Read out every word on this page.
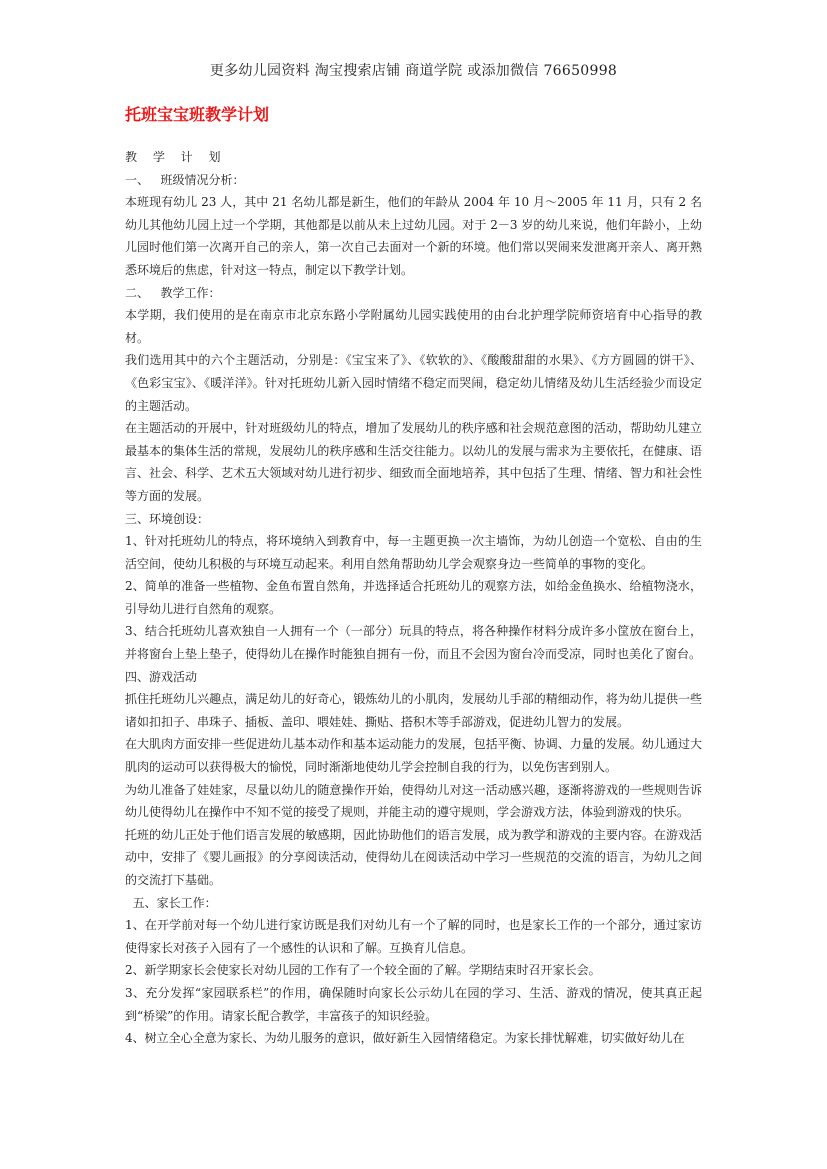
更多幼儿园资料 淘宝搜索店铺 商道学院 或添加微信 76650998
托班宝宝班教学计划

教 学 计 划

一、   班级情况分析：

本班现有幼儿 23 人，其中 21 名幼儿都是新生，他们的年龄从 2004 年 10 月～2005 年 11 月，只有 2 名幼儿其他幼儿园上过一个学期，其他都是以前从未上过幼儿园。对于 2－3 岁的幼儿来说，他们年龄小，上幼儿园时他们第一次离开自己的亲人，第一次自己去面对一个新的环境。他们常以哭闹来发泄离开亲人、离开熟悉环境后的焦虑，针对这一特点，制定以下教学计划。

二、   教学工作：

本学期，我们使用的是在南京市北京东路小学附属幼儿园实践使用的由台北护理学院师资培育中心指导的教材。

我们选用其中的六个主题活动，分别是：《宝宝来了》、《软软的》、《酸酸甜甜的水果》、《方方圆圆的饼干》、《色彩宝宝》、《暖洋洋》。针对托班幼儿新入园时情绪不稳定而哭闹，稳定幼儿情绪及幼儿生活经验少而设定的主题活动。

在主题活动的开展中，针对班级幼儿的特点，增加了发展幼儿的秩序感和社会规范意图的活动，帮助幼儿建立最基本的集体生活的常规，发展幼儿的秩序感和生活交往能力。以幼儿的发展与需求为主要依托，在健康、语言、社会、科学、艺术五大领域对幼儿进行初步、细致而全面地培养，其中包括了生理、情绪、智力和社会性等方面的发展。

三、环境创设：

1、针对托班幼儿的特点，将环境纳入到教育中，每一主题更换一次主墙饰，为幼儿创造一个宽松、自由的生活空间，使幼儿积极的与环境互动起来。利用自然角帮助幼儿学会观察身边一些简单的事物的变化。

2、简单的准备一些植物、金鱼布置自然角，并选择适合托班幼儿的观察方法，如给金鱼换水、给植物浇水，引导幼儿进行自然角的观察。

3、结合托班幼儿喜欢独自一人拥有一个（一部分）玩具的特点，将各种操作材料分成许多小筐放在窗台上，并将窗台上垫上垫子，使得幼儿在操作时能独自拥有一份，而且不会因为窗台冷而受凉，同时也美化了窗台。

四、游戏活动

抓住托班幼儿兴趣点，满足幼儿的好奇心，锻炼幼儿的小肌肉，发展幼儿手部的精细动作，将为幼儿提供一些诸如扣扣子、串珠子、插板、盖印、喂娃娃、撕贴、搭积木等手部游戏，促进幼儿智力的发展。

在大肌肉方面安排一些促进幼儿基本动作和基本运动能力的发展，包括平衡、协调、力量的发展。幼儿通过大肌肉的运动可以获得极大的愉悦，同时渐渐地使幼儿学会控制自我的行为，以免伤害到别人。

为幼儿准备了娃娃家，尽量以幼儿的随意操作开始，使得幼儿对这一活动感兴趣，逐渐将游戏的一些规则告诉幼儿使得幼儿在操作中不知不觉的接受了规则，并能主动的遵守规则，学会游戏方法，体验到游戏的快乐。

托班的幼儿正处于他们语言发展的敏感期，因此协助他们的语言发展，成为教学和游戏的主要内容。在游戏活动中，安排了《婴儿画报》的分享阅读活动，使得幼儿在阅读活动中学习一些规范的交流的语言，为幼儿之间的交流打下基础。

五、家长工作：

1、在开学前对每一个幼儿进行家访既是我们对幼儿有一个了解的同时，也是家长工作的一个部分，通过家访使得家长对孩子入园有了一个感性的认识和了解。互换育儿信息。

2、新学期家长会使家长对幼儿园的工作有了一个较全面的了解。学期结束时召开家长会。

3、充分发挥“家园联系栏”的作用，确保随时向家长公示幼儿在园的学习、生活、游戏的情况，使其真正起到“桥梁”的作用。请家长配合教学，丰富孩子的知识经验。

4、树立全心全意为家长、为幼儿服务的意识，做好新生入园情绪稳定。为家长排忧解难，切实做好幼儿在
